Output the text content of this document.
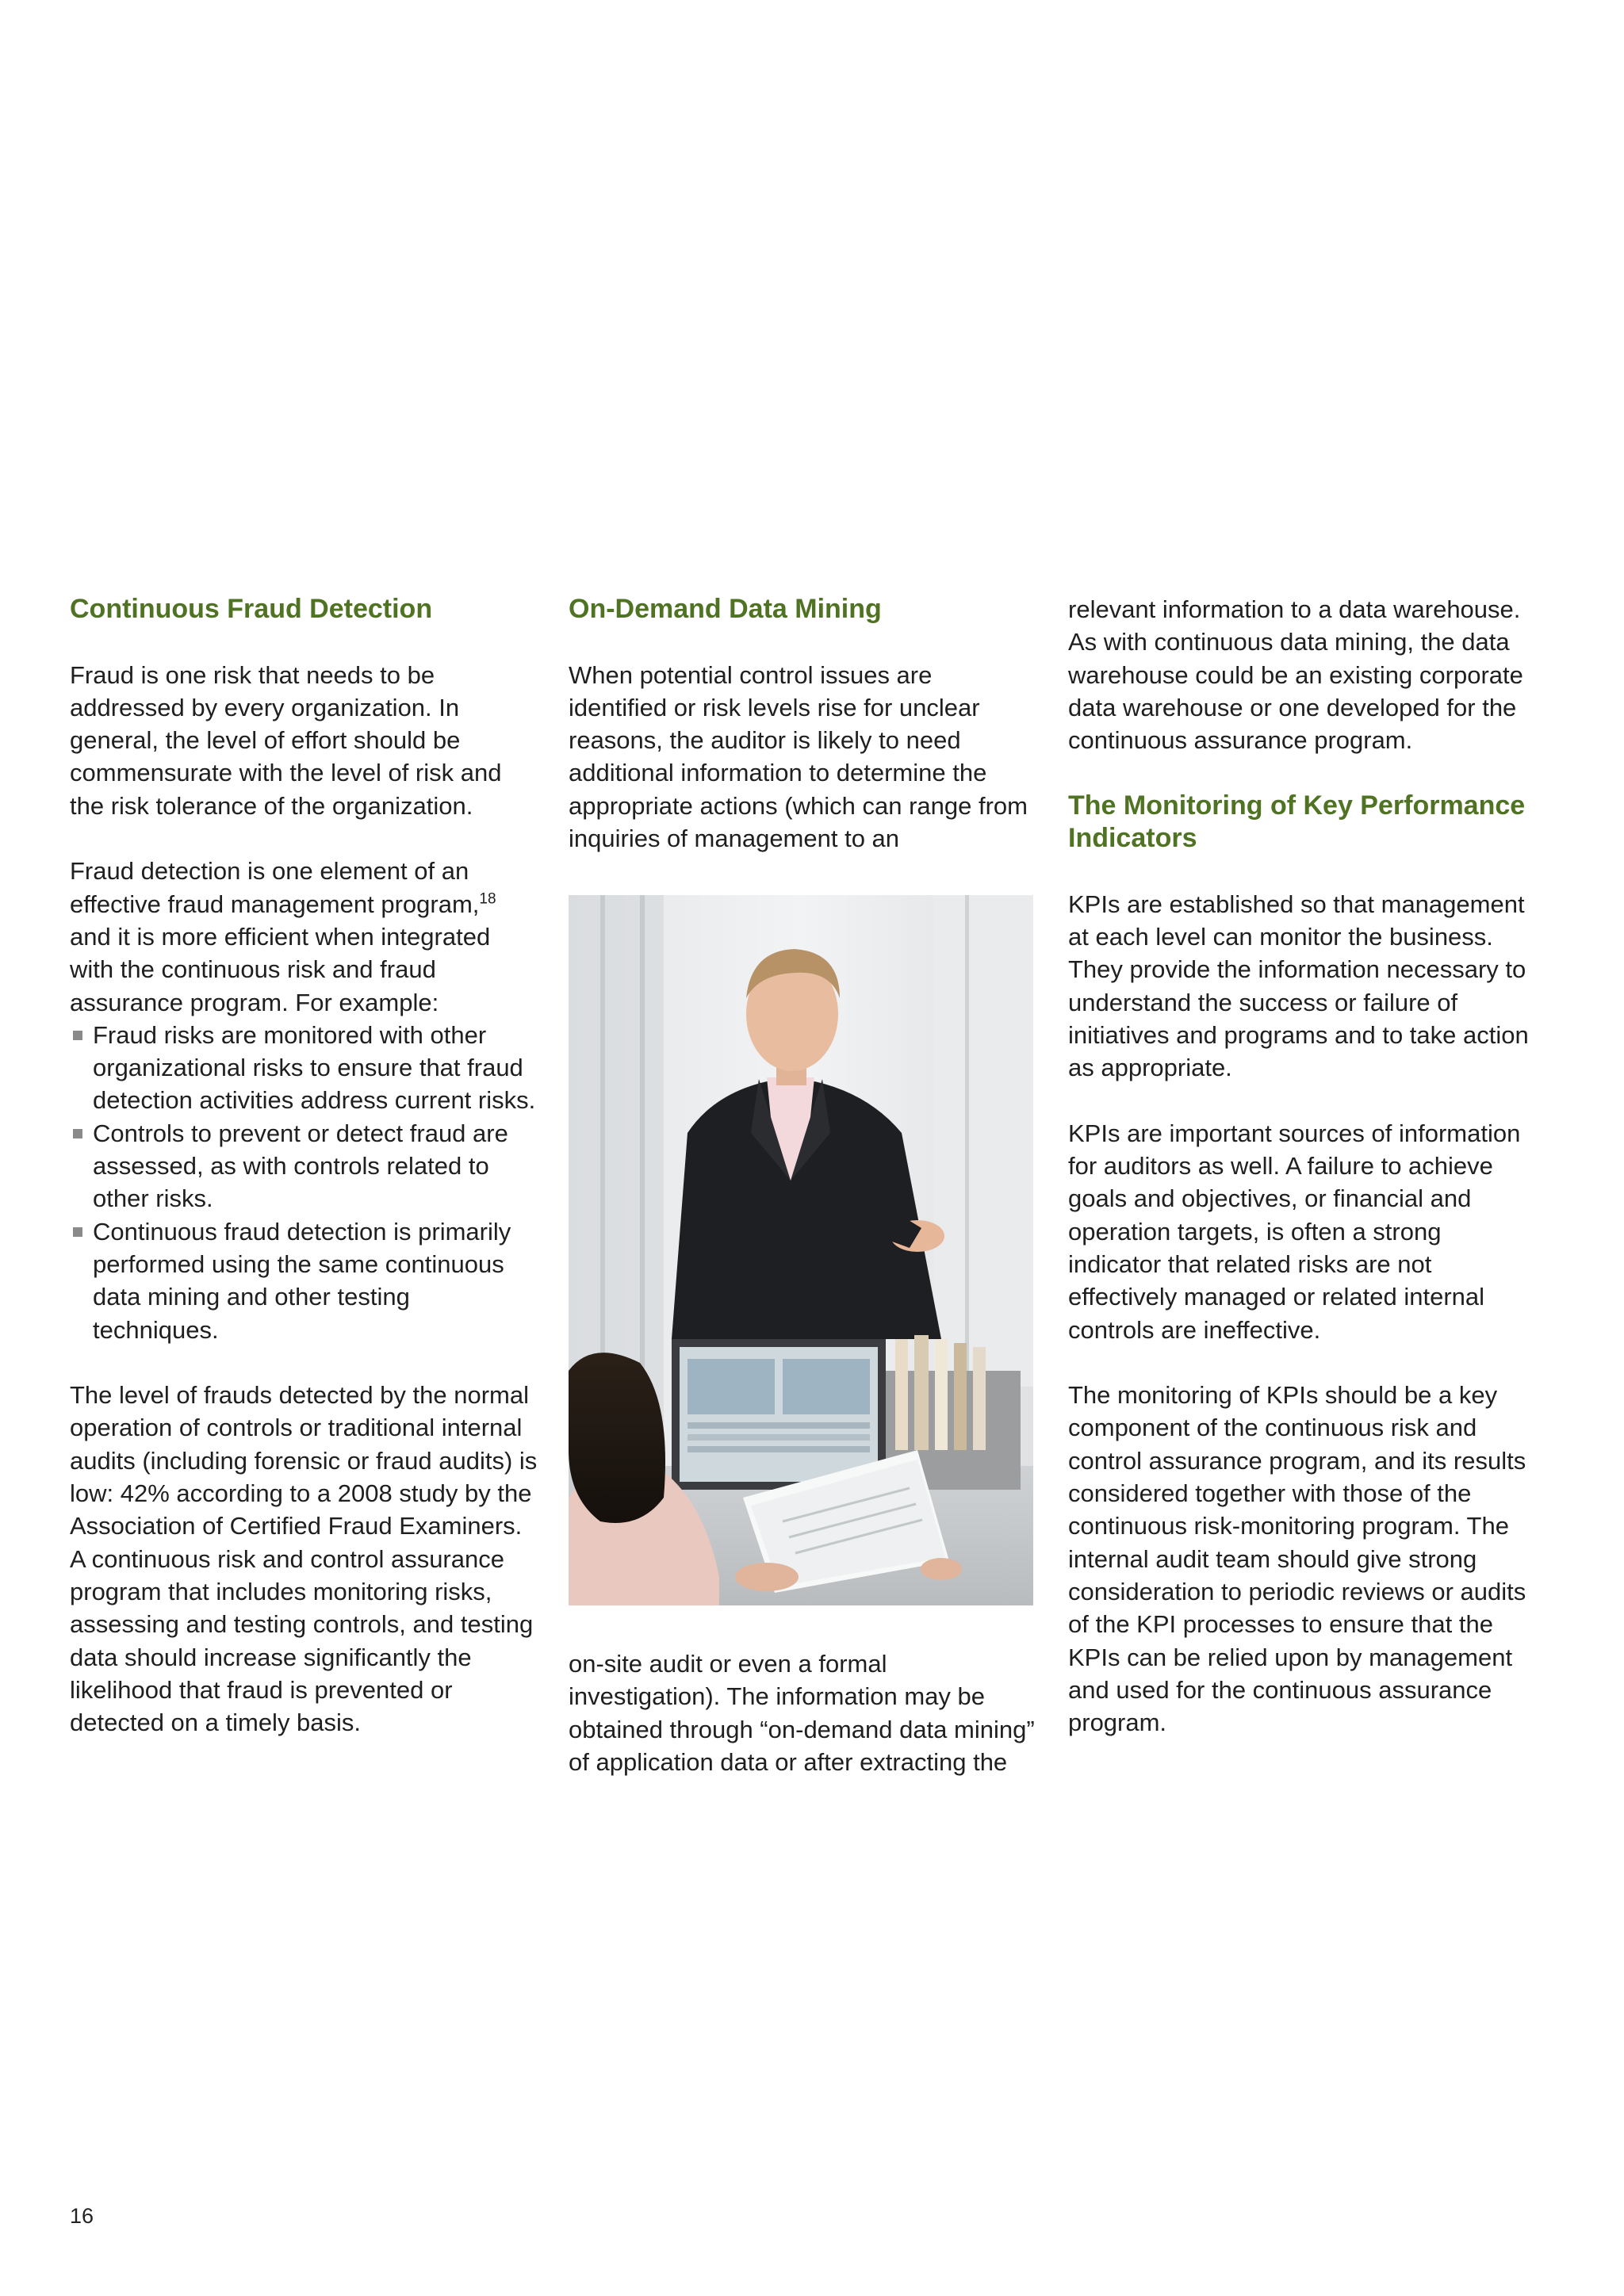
Continuous Fraud Detection

Fraud is one risk that needs to be addressed by every organization. In general, the level of effort should be commensurate with the level of risk and the risk tolerance of the organization.

Fraud detection is one element of an effective fraud management program,$^{18}$ and it is more efficient when integrated with the continuous risk and fraud assurance program. For example:

Fraud risks are monitored with other organizational risks to ensure that fraud detection activities address current risks.
Controls to prevent or detect fraud are assessed, as with controls related to other risks.
Continuous fraud detection is primarily performed using the same continuous data mining and other testing techniques.

The level of frauds detected by the normal operation of controls or traditional internal audits (including forensic or fraud audits) is low: 42% according to a 2008 study by the Association of Certified Fraud Examiners. A continuous risk and control assurance program that includes monitoring risks, assessing and testing controls, and testing data should increase significantly the likelihood that fraud is prevented or detected on a timely basis.

On-Demand Data Mining

When potential control issues are identified or risk levels rise for unclear reasons, the auditor is likely to need additional information to determine the appropriate actions (which can range from inquiries of management to an

on-site audit or even a formal investigation). The information may be obtained through “on-demand data mining” of application data or after extracting the

relevant information to a data warehouse. As with continuous data mining, the data warehouse could be an existing corporate data warehouse or one developed for the continuous assurance program.

The Monitoring of Key Performance Indicators

KPIs are established so that management at each level can monitor the business. They provide the information necessary to understand the success or failure of initiatives and programs and to take action as appropriate.

KPIs are important sources of information for auditors as well. A failure to achieve goals and objectives, or financial and operation targets, is often a strong indicator that related risks are not effectively managed or related internal controls are ineffective.

The monitoring of KPIs should be a key component of the continuous risk and control assurance program, and its results considered together with those of the continuous risk-monitoring program. The internal audit team should give strong consideration to periodic reviews or audits of the KPI processes to ensure that the KPIs can be relied upon by management and used for the continuous assurance program.

16
